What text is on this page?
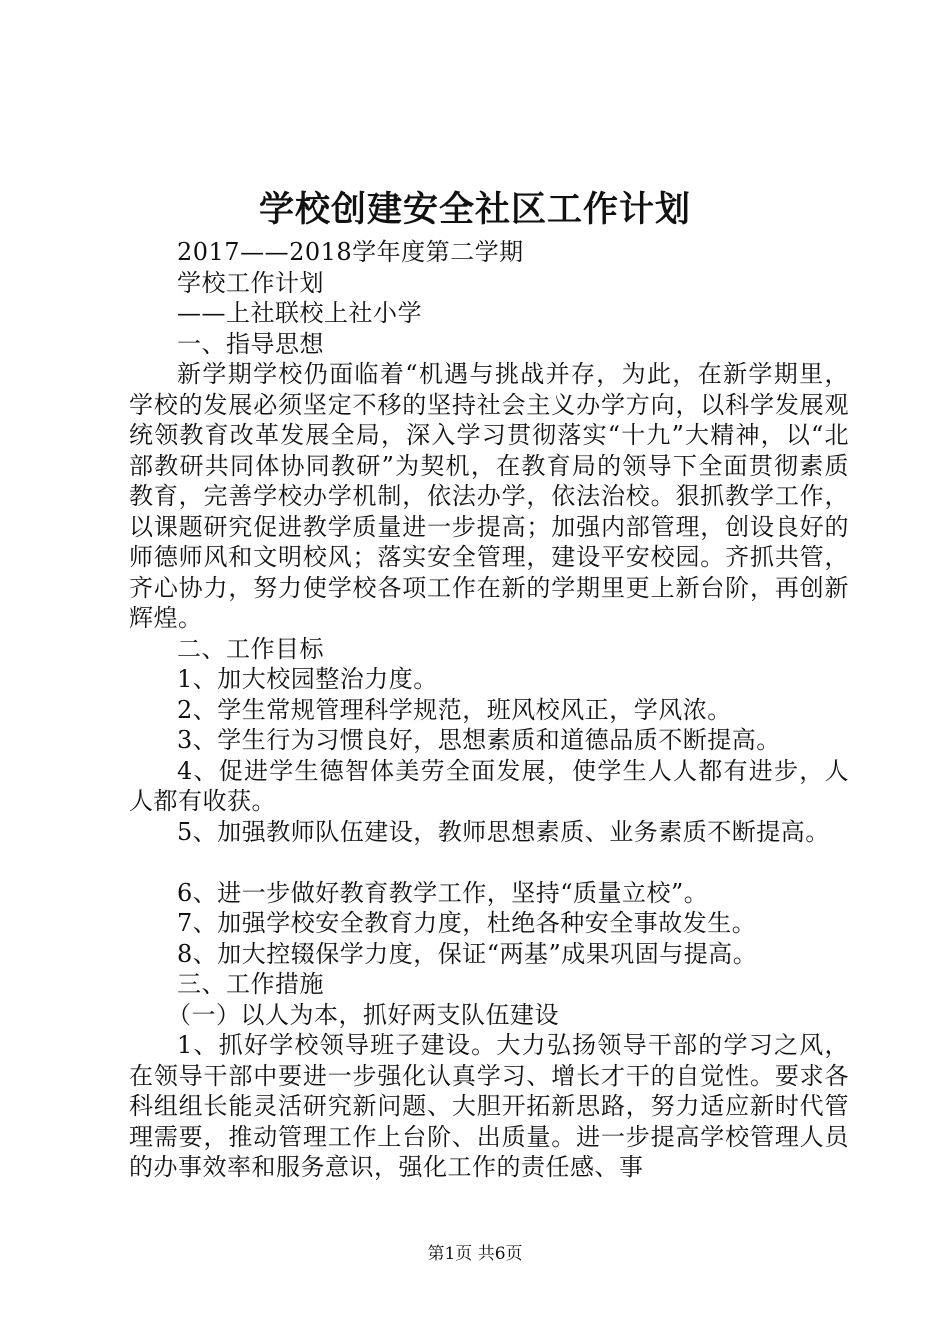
学校创建安全社区工作计划
2017——2018学年度第二学期
学校工作计划
——上社联校上社小学
一、指导思想

新学期学校仍面临着“机遇与挑战并存，为此，在新学期里，学校的发展必须坚定不移的坚持社会主义办学方向，以科学发展观统领教育改革发展全局，深入学习贯彻落实“十九”大精神，以“北部教研共同体协同教研”为契机，在教育局的领导下全面贯彻素质教育，完善学校办学机制，依法办学，依法治校。狠抓教学工作，以课题研究促进教学质量进一步提高；加强内部管理，创设良好的师德师风和文明校风；落实安全管理，建设平安校园。齐抓共管，齐心协力，努力使学校各项工作在新的学期里更上新台阶，再创新辉煌。

二、工作目标
1、加大校园整治力度。
2、学生常规管理科学规范，班风校风正，学风浓。
3、学生行为习惯良好，思想素质和道德品质不断提高。

4、促进学生德智体美劳全面发展，使学生人人都有进步，人人都有收获。

5、加强教师队伍建设，教师思想素质、业务素质不断提高。
6、进一步做好教育教学工作，坚持“质量立校”。
7、加强学校安全教育力度，杜绝各种安全事故发生。
8、加大控辍保学力度，保证“两基”成果巩固与提高。
三、工作措施
（一）以人为本，抓好两支队伍建设

1、抓好学校领导班子建设。大力弘扬领导干部的学习之风，在领导干部中要进一步强化认真学习、增长才干的自觉性。要求各科组组长能灵活研究新问题、大胆开拓新思路，努力适应新时代管理需要，推动管理工作上台阶、出质量。进一步提高学校管理人员的办事效率和服务意识，强化工作的责任感、事

第1页 共6页
